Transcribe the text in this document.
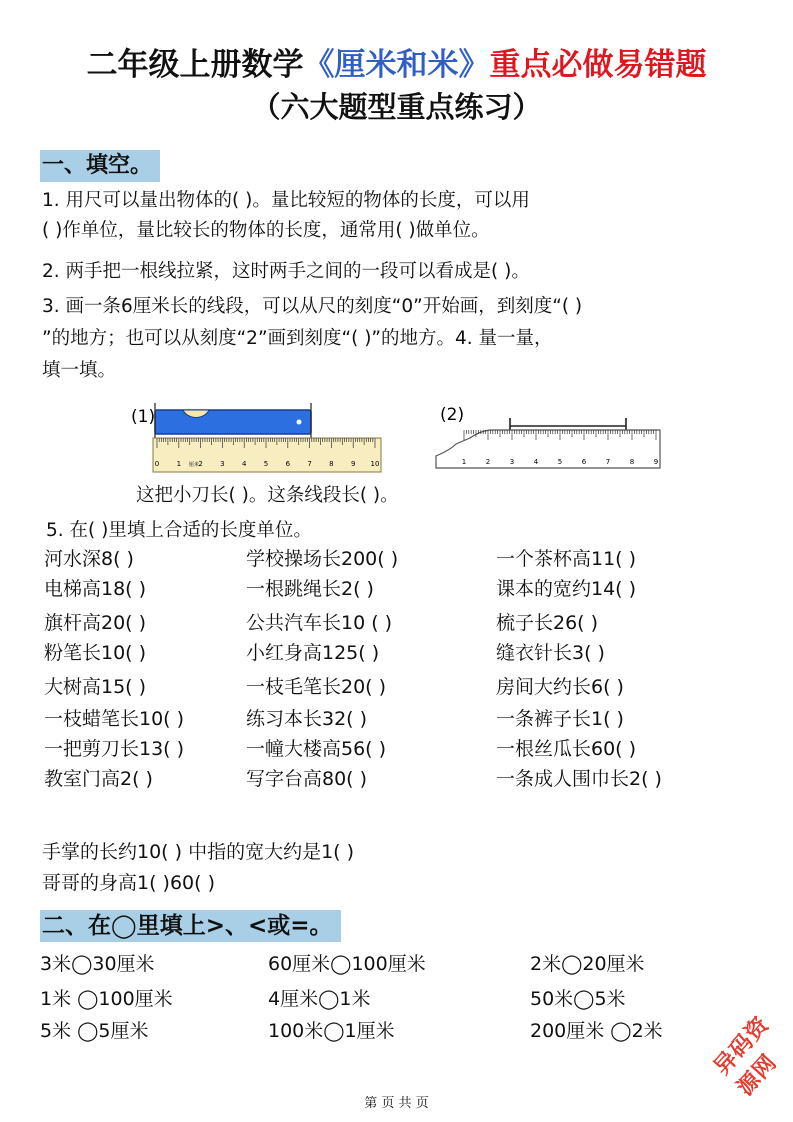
二年级上册数学《厘米和米》重点必做易错题
（六大题型重点练习）
一、填空。
1. 用尺可以量出物体的( )。量比较短的物体的长度，可以用
( )作单位，量比较长的物体的长度，通常用( )做单位。
2. 两手把一根线拉紧，这时两手之间的一段可以看成是( )。
3. 画一条6厘米长的线段，可以从尺的刻度“0”开始画，到刻度“( )
”的地方；也可以从刻度“2”画到刻度“( )”的地方。4. 量一量，
填一填。
(1)
0 1 2 3 4 5 6 7 8 9 10
厘米
(2)
1	2	3	4	5	6	7	8	9
这把小刀长( )。这条线段长( )。
5. 在( )里填上合适的长度单位。
河水深8( )	学校操场长200( )	一个茶杯高11( )
电梯高18( )	一根跳绳长2( )	课本的宽约14( )
旗杆高20( )	公共汽车长10 ( )	梳子长26( )
粉笔长10( )	小红身高125( )	缝衣针长3( )
大树高15( )	一枝毛笔长20( )	房间大约长6( )
一枝蜡笔长10( )	练习本长32( )	一条裤子长1( )
一把剪刀长13( )	一幢大楼高56( )	一根丝瓜长60( )
教室门高2( )	写字台高80( )	一条成人围巾长2( )
手掌的长约10( ) 中指的宽大约是1( )
哥哥的身高1( )60( )
二、在◯里填上>、<或=。
3米◯30厘米	60厘米◯100厘米	2米◯20厘米
1米 ◯100厘米	4厘米◯1米	50米◯5米
5米 ◯5厘米	100米◯1厘米	200厘米 ◯2米 异码资源网
第 页 共 页
